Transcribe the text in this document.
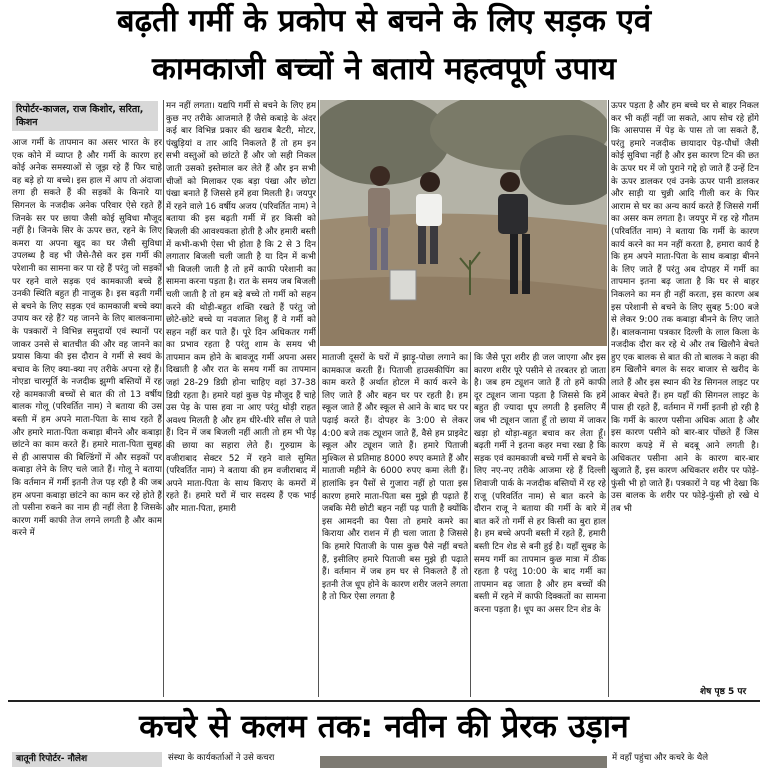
बढ़ती गर्मी के प्रकोप से बचने के लिए सड़क एवं
कामकाजी बच्चों ने बताये महत्वपूर्ण उपाय
रिपोर्टर-काजल, राज किशोर, सरिता, किशन

आज गर्मी के तापमान का असर भारत के हर एक कोने में व्याप्त है और गर्मी के कारण हर कोई अनेक समस्याओं से जूझ रहे हैं फिर चाहे वह बड़े हो या बच्चे। इस हाल में आप तो अंदाजा लगा ही सकते हैं की सड़कों के किनारे या सिगनल के नजदीक अनेक परिवार ऐसे रहते हैं जिनके सर पर छाया जैसी कोई सुविधा मौजूद नहीं है। जिनके सिर के ऊपर छत, रहने के लिए कमरा या अपना खुद का घर जैसी सुविधा उपलब्ध है वह भी जैसे-तैसे कर इस गर्मी की परेशानी का सामना कर पा रहे हैं परंतु जो सड़कों पर रहने वाले सड़क एवं कामकाजी बच्चे हैं उनकी स्थिति बहुत ही नाजुक है। इस बढ़ती गर्मी से बचने के लिए सड़क एवं कामकाजी बच्चे क्या उपाय कर रहे हैं? यह जानने के लिए बालकनामा के पत्रकारों ने विभिन्न समुदायों एवं स्थानों पर जाकर उनसे से बातचीत की और वह जानने का प्रयास किया की इस दौरान वे गर्मी से स्वयं के बचाव के लिए क्या-क्या नए तरीके अपना रहे हैं। नोएडा चारमूर्ति के नजदीक झुग्गी बस्तियों में रह रहे कामकाजी बच्चों से बात की तो 13 वर्षीय बालक गोलू (परिवर्तित नाम) ने बताया की उस बस्ती में हम अपने माता-पिता के साथ रहते हैं और हमारे माता-पिता कबाड़ा बीनने और कबाड़ा छांटने का काम करते हैं। हमारे माता-पिता सुबह से ही आसपास की बिल्डिंगों में और सड़कों पर कबाड़ा लेने के लिए चले जाते हैं। गोलू ने बताया कि वर्तमान में गर्मी इतनी तेज पड़ रही है की जब हम अपना कबाड़ा छांटने का काम कर रहे होते हैं तो पसीना रुकने का नाम ही नहीं लेता है जिसके कारण गर्मी काफी तेज लगने लगती है और काम करने में

मन नहीं लगता। यद्यपि गर्मी से बचने के लिए हम कुछ नए तरीके आजमाते हैं जैसे कबाड़े के अंदर कई बार विभिन्न प्रकार की खराब बैटरी, मोटर, पंखुड़ियां व तार आदि निकलते हैं तो हम इन सभी वस्तुओं को छांटते हैं और जो सही निकल जाती उसको इस्तेमाल कर लेते हैं और इन सभी चीजों को मिलाकर एक बड़ा पंखा और छोटा पंखा बनाते हैं जिससे हमें हवा मिलती है। जयपुर में रहने वाले 16 वर्षीय अजय (परिवर्तित नाम) ने बताया की इस बढ़ती गर्मी में हर किसी को बिजली की आवश्यकता होती है और हमारी बस्ती में कभी-कभी ऐसा भी होता है कि 2 से 3 दिन लगातार बिजली चली जाती है या दिन में कभी भी बिजली जाती है तो हमें काफी परेशानी का सामना करना पड़ता है। रात के समय जब बिजली चली जाती है तो हम बड़े बच्चे तो गर्मी को सहन करने की थोड़ी-बहुत शक्ति रखते हैं परंतु जो छोटे-छोटे बच्चे या नवजात शिशु हैं वे गर्मी को सहन नहीं कर पाते हैं। पूरे दिन अधिकतर गर्मी का प्रभाव रहता है परंतु शाम के समय भी तापमान कम होने के बावजूद गर्मी अपना असर दिखाती है और रात के समय गर्मी का तापमान जहां 28-29 डिग्री होना चाहिए वहां 37-38 डिग्री रहता है। हमारे यहां कुछ पेड़ मौजूद हैं चाहे उस पेड़ के पास हवा ना आए परंतु थोड़ी राहत अवश्य मिलती है और हम धीरे-धीरे साँस ले पाते हैं। दिन में जब बिजली नहीं आती तो हम भी पेड़ की छाया का सहारा लेते हैं। गुरुग्राम के वजीराबाद सेक्टर 52 में रहने वाले सुमित (परिवर्तित नाम) ने बताया की हम वजीराबाद में अपने माता-पिता के साथ किराए के कमरों में रहते हैं। हमारे घरों में चार सदस्य हैं एक भाई और माता-पिता, हमारी

माताजी दूसरों के घरों में झाड़ू-पोछा लगाने का कामकाज करती हैं। पिताजी हाउसकीपिंग का काम करते हैं अर्थात होटल में कार्य करने के लिए जाते हैं और बहन घर पर रहती है। हम स्कूल जाते हैं और स्कूल से आने के बाद घर पर पढ़ाई करते हैं। दोपहर के 3:00 से लेकर 4:00 बजे तक ट्यूशन जाते हैं, वैसे हम प्राइवेट स्कूल और ट्यूशन जाते हैं। हमारे पिताजी मुश्किल से प्रतिमाह 8000 रुपए कमाते हैं और माताजी महीने के 6000 रुपए कमा लेती हैं। हालांकि इन पैसों से गुजारा नहीं हो पाता इस कारण हमारे माता-पिता बस मुझे ही पढ़ाते हैं जबकि मेरी छोटी बहन नहीं पढ़ पाती है क्योंकि इस आमदनी का पैसा तो हमारे कमरे का किराया और राशन में ही चला जाता है जिससे कि हमारे पिताजी के पास कुछ पैसे नहीं बचते हैं, इसीलिए हमारे पिताजी बस मुझे ही पढ़ाते हैं। वर्तमान में जब हम घर से निकलते हैं तो इतनी तेज धूप होने के कारण शरीर जलने लगता है तो फिर ऐसा लगता है

कि जैसे पूरा शरीर ही जल जाएगा और इस कारण शरीर पूरे पसीने से तरबतर हो जाता है। जब हम ट्यूशन जाते हैं तो हमें काफी दूर ट्यूशन जाना पड़ता है जिससे कि हमें बहुत ही ज्यादा धूप लगती है इसलिए मैं जब भी ट्यूशन जाता हूँ तो छाया में जाकर खड़ा हो थोड़ा-बहुत बचाव कर लेता हूँ। बढ़ती गर्मी ने इतना कहर मचा रखा है कि सड़क एवं कामकाजी बच्चे गर्मी से बचने के लिए नए-नए तरीके आजमा रहे हैं दिल्ली शिवाजी पार्क के नजदीक बस्तियों में रह रहे राजू (परिवर्तित नाम) से बात करने के दौरान राजू ने बताया की गर्मी के बारे में बात करें तो गर्मी से हर किसी का बुरा हाल है। हम बच्चे अपनी बस्ती में रहते हैं, हमारी बस्ती टिन शेड से बनी हुई है। यहाँ सुबह के समय गर्मी का तापमान कुछ मात्रा में ठीक रहता है परंतु 10:00 के बाद गर्मी का तापमान बढ़ जाता है और हम बच्चों की बस्ती में रहने में काफी दिक्कतों का सामना करना पड़ता है। धूप का असर टिन शेड के

ऊपर पड़ता है और हम बच्चे घर से बाहर निकल कर भी कहीं नहीं जा सकते, आप सोच रहे होंगे कि आसपास में पेड़ के पास तो जा सकते हैं, परंतु हमारे नजदीक छायादार पेड़-पौधों जैसी कोई सुविधा नहीं है और इस कारण टिन की छत के ऊपर घर में जो पुराने गद्दे हो जाते हैं उन्हें टिन के ऊपर डालकर एवं उनके ऊपर पानी डालकर और साड़ी या चुन्नी आदि गीली कर के फिर आराम से घर का अन्य कार्य करते हैं जिससे गर्मी का असर कम लगता है। जयपुर में रह रहे गौतम (परिवर्तित नाम) ने बताया कि गर्मी के कारण कार्य करने का मन नहीं करता है, हमारा कार्य है कि हम अपने माता-पिता के साथ कबाड़ा बीनने के लिए जाते हैं परंतु अब दोपहर में गर्मी का तापमान इतना बढ़ जाता है कि घर से बाहर निकलने का मन ही नहीं करता, इस कारण अब इस परेशानी से बचने के लिए सुबह 5:00 बजे से लेकर 9:00 तक कबाड़ा बीनने के लिए जाते हैं। बालकनामा पत्रकार दिल्ली के लाल किला के नजदीक दौरा कर रहे थे और तब खिलौने बेचते हुए एक बालक से बात की तो बालक ने कहा की हम खिलौने बगल के सदर बाजार से खरीद के लाते हैं और इस स्थान की रेड सिगनल लाइट पर आकर बेचते हैं। हम यहाँ की सिगनल लाइट के पास ही रहते हैं, वर्तमान में गर्मी इतनी हो रही है कि गर्मी के कारण पसीना अधिक आता है और इस कारण पसीने को बार-बार पोंछते हैं जिस कारण कपड़े में से बदबू आने लगती है। अधिकतर पसीना आने के कारण बार-बार खुजाते हैं, इस कारण अधिकतर शरीर पर फोड़े-फुंसी भी हो जाते हैं। पत्रकारों ने यह भी देखा कि उस बालक के शरीर पर फोड़े-फुंसी हो रखे थे तब भी

शेष पृष्ठ 5 पर
कचरे से कलम तक: नवीन की प्रेरक उड़ान
बातूनी रिपोर्टर- नौलेश	संस्था के कार्यकर्ताओं ने उसे कचरा	में वहाँ पहुंचा और कचरे के थैले
